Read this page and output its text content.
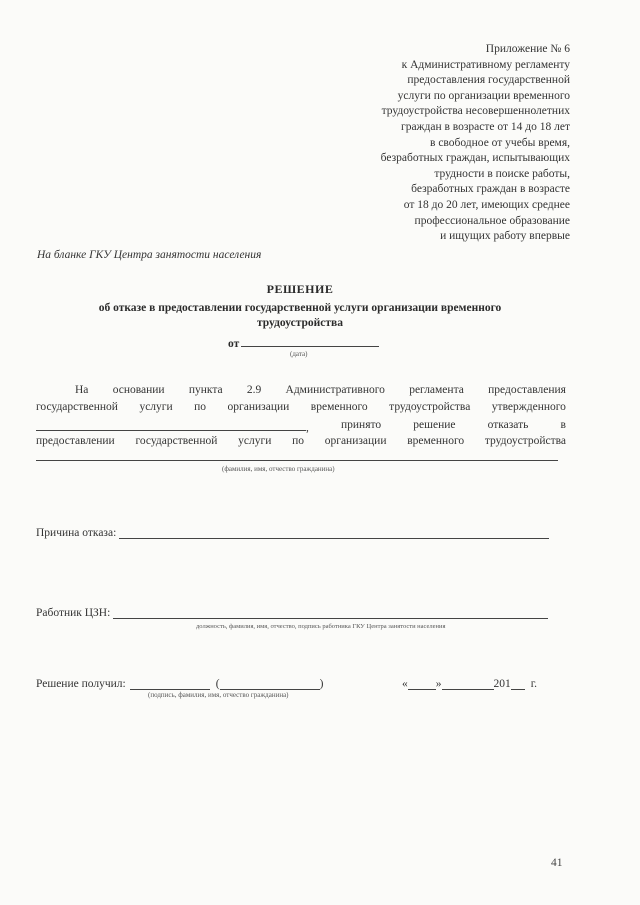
Приложение № 6
к Административному регламенту
предоставления государственной
услуги по организации временного
трудоустройства несовершеннолетних
граждан в возрасте от 14 до 18 лет
в свободное от учебы время,
безработных граждан, испытывающих
трудности в поиске работы,
безработных граждан в возрасте
от 18 до 20 лет, имеющих среднее
профессиональное образование
и ищущих работу впервые
На бланке ГКУ Центра занятости населения
РЕШЕНИЕ
об отказе в предоставлении государственной услуги организации временного
трудоустройства
от
(дата)
На основании пункта 2.9 Административного регламента предоставления
государственной услуги по организации временного трудоустройства утвержденного
,	принято	решение	отказать	в
предоставлении государственной услуги по организации временного трудоустройства
(фамилия, имя, отчество гражданина)
Причина отказа:
Работник ЦЗН:
должность, фамилия, имя, отчество, подпись работника ГКУ Центра занятости населения
Решение получил:	(	)
(подпись, фамилия, имя, отчество гражданина)
« »	201 г.
41
